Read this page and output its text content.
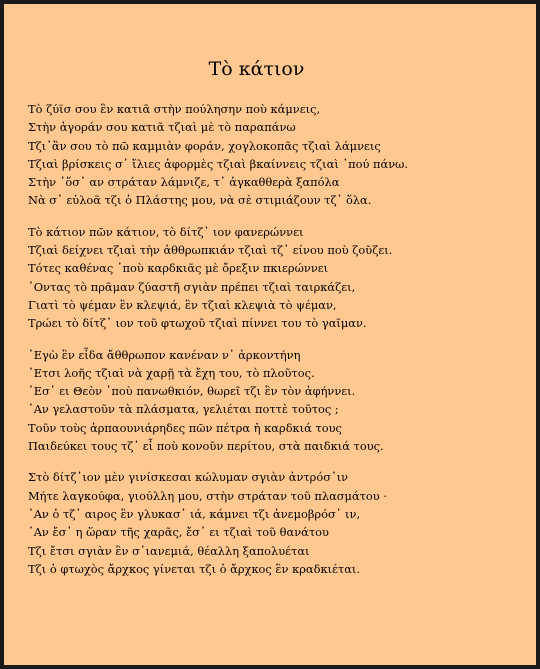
Τὸ κάτιον
Τὸ ζύϊσ σου ἓν κατιᾶ στὴν πούλησην ποὺ κάμνεις,
Στὴν ἀγοράν σου κατιᾶ τζιαὶ μὲ τὸ παραπάνω
Τζι᾿ἂν σου τὸ πῶ καμμιὰν φοράν, χογλοκοπᾶς τζιαὶ λάμνεις
Τζιαὶ βρίσκεις σ᾿ ἴλιες ἀφορμὲς τζιαὶ βκαίννεις τζιαὶ ᾽πού πάνω.
Στὴν ᾽ὅσ᾽ αν στράταν λάμνιζε, τ᾽ ἀγκαθθερὰ ξαπόλα
Νὰ σ᾿ εὐλοᾶ τζι ὁ Πλάστης μου, νὰ σὲ στιμιάζουν τζ᾿ ὅλα.
Τὸ κάτιον πῶν κάτιον, τὸ δίτζ᾿ ιον φανερώννει
Τζιαὶ δείχνει τζιαὶ τὴν ἀθθρωπκιάν τζιαὶ τζ᾿ είνου ποὺ ζοῦζει.
Τότες καθένας ᾽ποὺ καρδκιᾶς μὲ ὄρεξιν πκιερώννει
᾿Οντας τὸ πρᾶμαν ζύαστῆ σγιὰν πρέπει τζιαὶ ταιρκάζει,
Γιατὶ τὸ ψέμαν ἓν κλεψιά, ἓν τζιαὶ κλεψιὰ τὸ ψέμαν,
Τρώει τὸ δίτζ᾿ ιον τοῦ φτωχοῦ τζιαὶ πίννει του τὸ γαῖμαν.
᾿Εγὼ ἓν εἶδα ἄθθρωπον κανέναν ν᾽ ἀρκοντήνη
᾿Ετσι λοῆς τζιαὶ νὰ χαρῇ τὰ ἔχη του, τὸ πλοῦτος.
᾿Εσ᾽ ει Θεὸν ᾽ποὺ πανωθκιόν, θωρεῖ τζι ἓν τὸν ἀφήννει.
᾿Αν γελαστοῦν τὰ πλάσματα, γελιέται ποττὲ τοῦτος ;
Τοῦν τοὺς ἀρπαουνιάρηδες πῶν πέτρα ἡ καρδκιά τους
Παιδεύκει τους τζ᾿ εἶ ποὺ κονοῦν περίτου, στὰ παιδκιά τους.
Στὸ δίτζ᾿ιον μὲν γινίσκεσαι κώλυμαν σγιὰν ἀντρόσ᾿ιν
Μήτε λαγκούφα, γιούλλη μου, στὴν στράταν τοῦ πλασμάτου ·
᾿Αν ὁ τζ᾿ αιρος ἓν γλυκασ᾿ ιά, κάμνει τζι ἀνεμοβρόσ᾿ ιν,
᾿Αν ἔσ᾽ η ὥραν τῆς χαρᾶς, ἔσ᾽ ει τζιαὶ τοῦ θανάτου
Τζι ἔτσι σγιὰν ἓν σ᾿ιανεμιά, θέαλλη ξαπολυέται
Τζι ὁ φτωχὸς ἄρχκος γίνεται τζι ὁ ἄρχκος ἓν κραδκιέται.
